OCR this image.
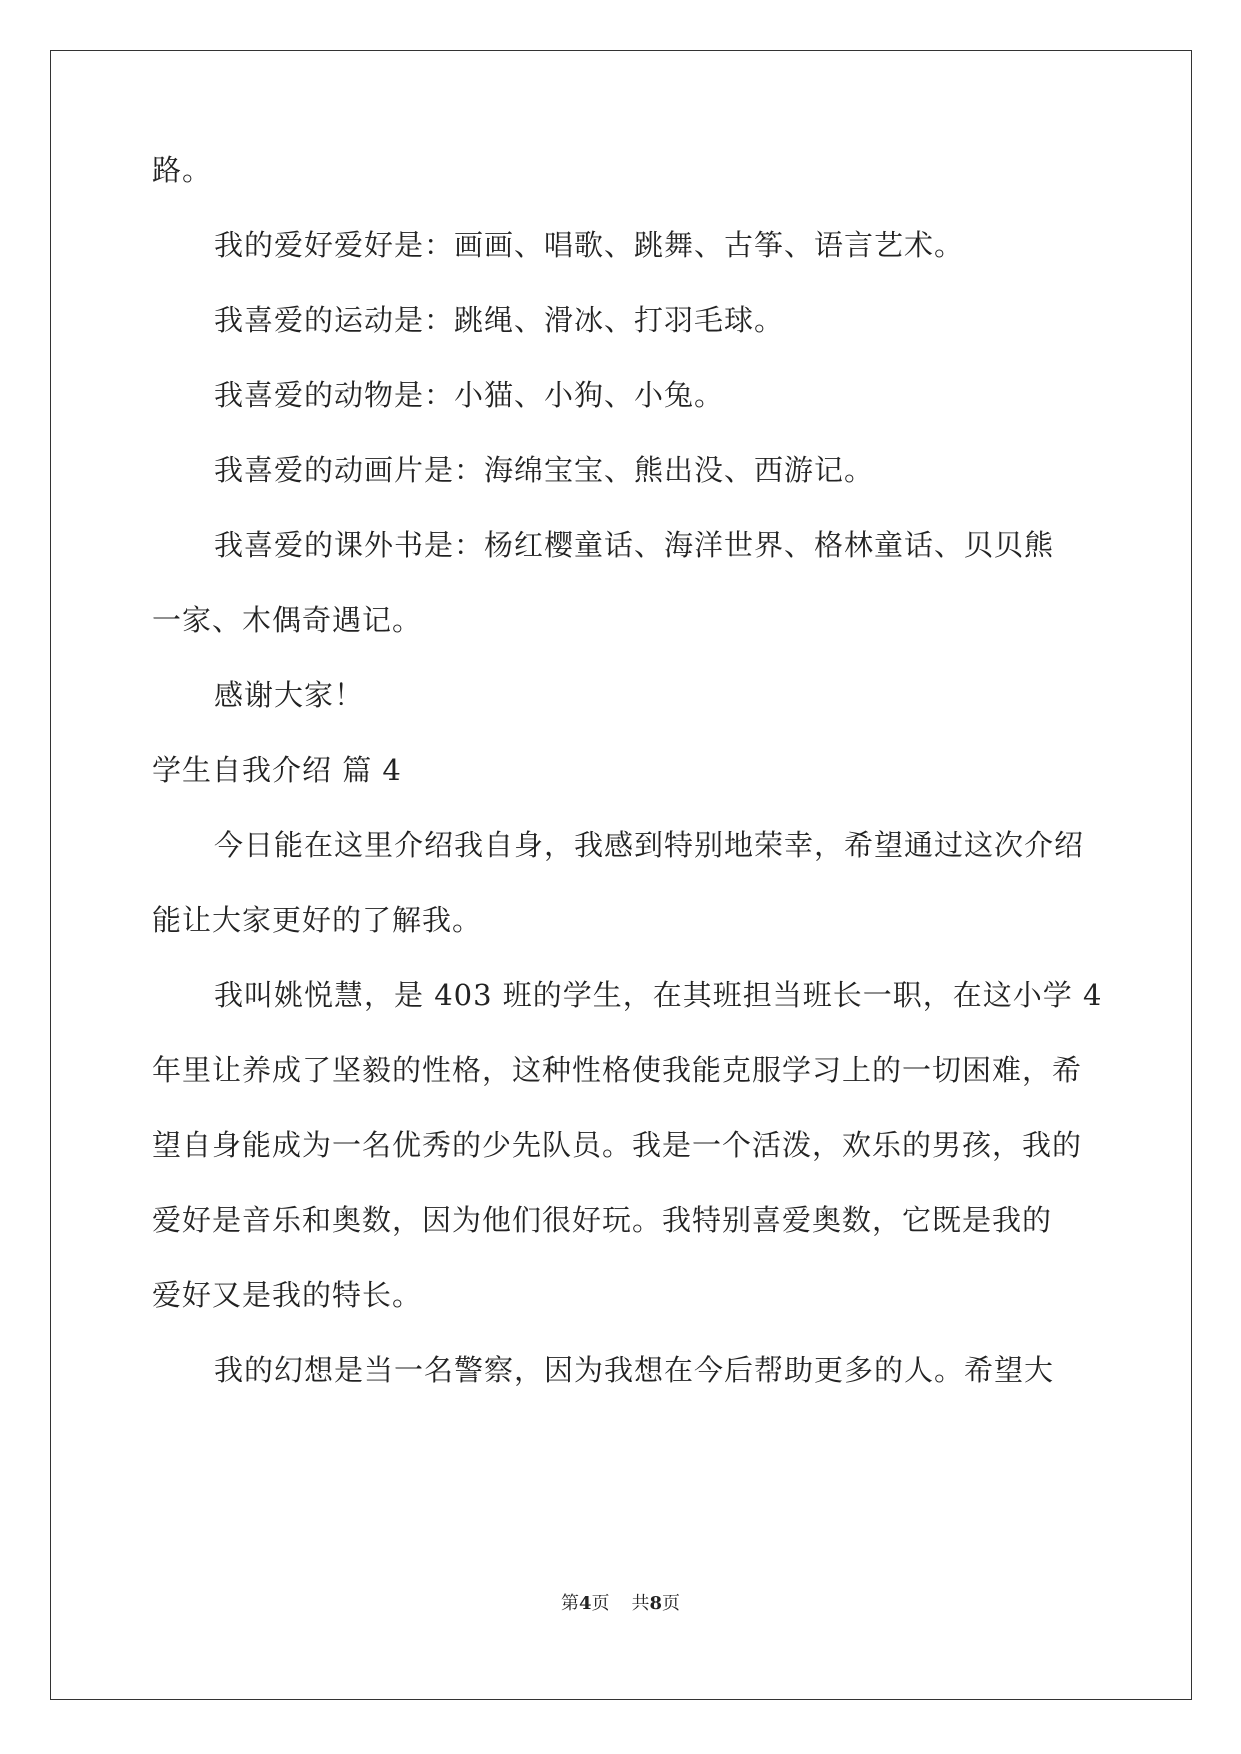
路。
我的爱好爱好是：画画、唱歌、跳舞、古筝、语言艺术。
我喜爱的运动是：跳绳、滑冰、打羽毛球。
我喜爱的动物是：小猫、小狗、小兔。
我喜爱的动画片是：海绵宝宝、熊出没、西游记。
我喜爱的课外书是：杨红樱童话、海洋世界、格林童话、贝贝熊
一家、木偶奇遇记。
感谢大家！
学生自我介绍 篇 4
今日能在这里介绍我自身，我感到特别地荣幸，希望通过这次介绍
能让大家更好的了解我。
我叫姚悦慧，是 403 班的学生，在其班担当班长一职，在这小学 4
年里让养成了坚毅的性格，这种性格使我能克服学习上的一切困难，希
望自身能成为一名优秀的少先队员。我是一个活泼，欢乐的男孩，我的
爱好是音乐和奥数，因为他们很好玩。我特别喜爱奥数，它既是我的
爱好又是我的特长。
我的幻想是当一名警察，因为我想在今后帮助更多的人。希望大
第4页 共8页
